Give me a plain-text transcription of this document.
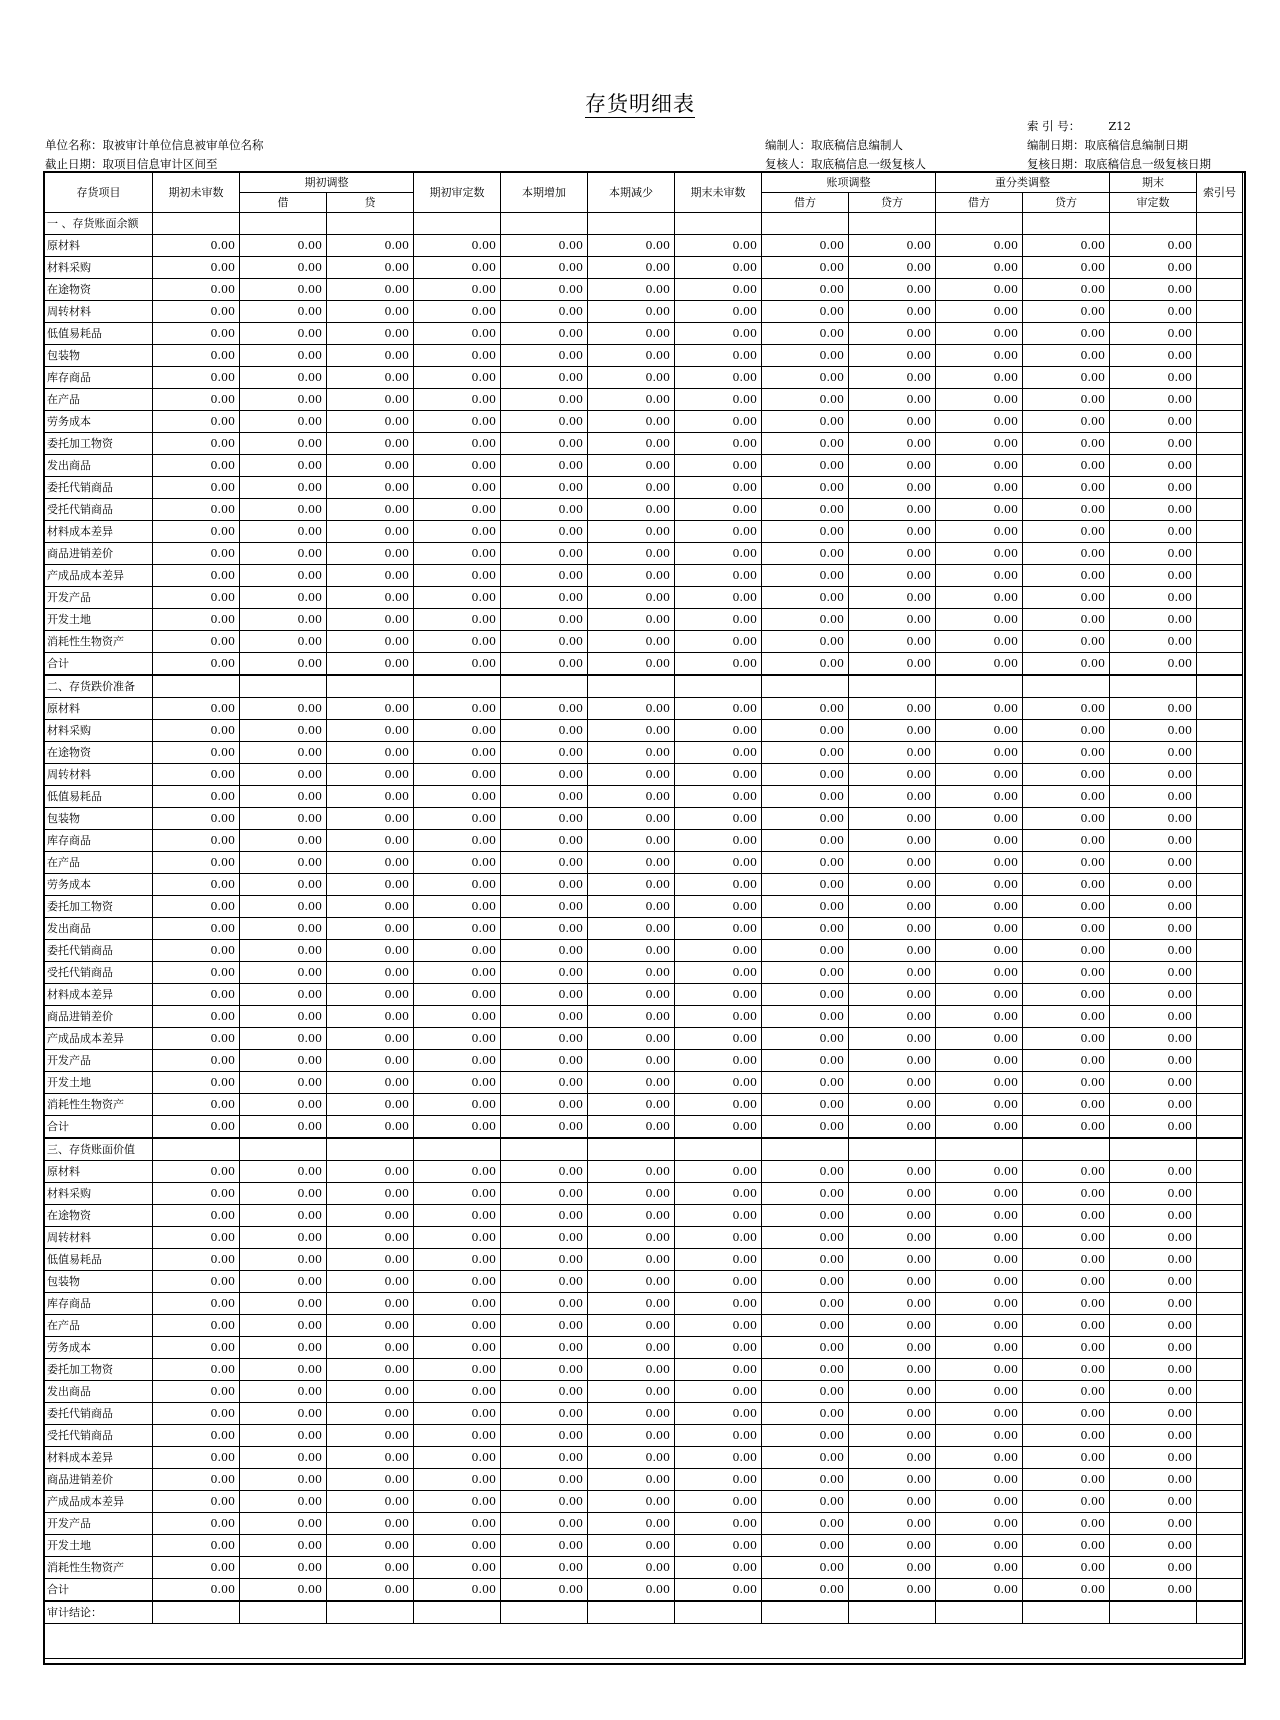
存货明细表
索 引 号： Z12
单位名称：取被审计单位信息被审单位名称	编制人：取底稿信息编制人	编制日期：取底稿信息编制日期
截止日期：取项目信息审计区间至	复核人：取底稿信息一级复核人	复核日期：取底稿信息一级复核日期
存货项目	期初未审数	期初调整		期初审定数	本期增加	本期减少	期末未审数	账项调整		重分类调整		期末	索引号
		借	贷					借方	贷方	借方	贷方	审定数	
一 、存货账面余额													
原材料	0.00	0.00	0.00	0.00	0.00	0.00	0.00	0.00	0.00	0.00	0.00	0.00	
材料采购	0.00	0.00	0.00	0.00	0.00	0.00	0.00	0.00	0.00	0.00	0.00	0.00	
在途物资	0.00	0.00	0.00	0.00	0.00	0.00	0.00	0.00	0.00	0.00	0.00	0.00	
周转材料	0.00	0.00	0.00	0.00	0.00	0.00	0.00	0.00	0.00	0.00	0.00	0.00	
低值易耗品	0.00	0.00	0.00	0.00	0.00	0.00	0.00	0.00	0.00	0.00	0.00	0.00	
包装物	0.00	0.00	0.00	0.00	0.00	0.00	0.00	0.00	0.00	0.00	0.00	0.00	
库存商品	0.00	0.00	0.00	0.00	0.00	0.00	0.00	0.00	0.00	0.00	0.00	0.00	
在产品	0.00	0.00	0.00	0.00	0.00	0.00	0.00	0.00	0.00	0.00	0.00	0.00	
劳务成本	0.00	0.00	0.00	0.00	0.00	0.00	0.00	0.00	0.00	0.00	0.00	0.00	
委托加工物资	0.00	0.00	0.00	0.00	0.00	0.00	0.00	0.00	0.00	0.00	0.00	0.00	
发出商品	0.00	0.00	0.00	0.00	0.00	0.00	0.00	0.00	0.00	0.00	0.00	0.00	
委托代销商品	0.00	0.00	0.00	0.00	0.00	0.00	0.00	0.00	0.00	0.00	0.00	0.00	
受托代销商品	0.00	0.00	0.00	0.00	0.00	0.00	0.00	0.00	0.00	0.00	0.00	0.00	
材料成本差异	0.00	0.00	0.00	0.00	0.00	0.00	0.00	0.00	0.00	0.00	0.00	0.00	
商品进销差价	0.00	0.00	0.00	0.00	0.00	0.00	0.00	0.00	0.00	0.00	0.00	0.00	
产成品成本差异	0.00	0.00	0.00	0.00	0.00	0.00	0.00	0.00	0.00	0.00	0.00	0.00	
开发产品	0.00	0.00	0.00	0.00	0.00	0.00	0.00	0.00	0.00	0.00	0.00	0.00	
开发土地	0.00	0.00	0.00	0.00	0.00	0.00	0.00	0.00	0.00	0.00	0.00	0.00	
消耗性生物资产	0.00	0.00	0.00	0.00	0.00	0.00	0.00	0.00	0.00	0.00	0.00	0.00	
合计	0.00	0.00	0.00	0.00	0.00	0.00	0.00	0.00	0.00	0.00	0.00	0.00	
二、存货跌价准备													
原材料	0.00	0.00	0.00	0.00	0.00	0.00	0.00	0.00	0.00	0.00	0.00	0.00	
材料采购	0.00	0.00	0.00	0.00	0.00	0.00	0.00	0.00	0.00	0.00	0.00	0.00	
在途物资	0.00	0.00	0.00	0.00	0.00	0.00	0.00	0.00	0.00	0.00	0.00	0.00	
周转材料	0.00	0.00	0.00	0.00	0.00	0.00	0.00	0.00	0.00	0.00	0.00	0.00	
低值易耗品	0.00	0.00	0.00	0.00	0.00	0.00	0.00	0.00	0.00	0.00	0.00	0.00	
包装物	0.00	0.00	0.00	0.00	0.00	0.00	0.00	0.00	0.00	0.00	0.00	0.00	
库存商品	0.00	0.00	0.00	0.00	0.00	0.00	0.00	0.00	0.00	0.00	0.00	0.00	
在产品	0.00	0.00	0.00	0.00	0.00	0.00	0.00	0.00	0.00	0.00	0.00	0.00	
劳务成本	0.00	0.00	0.00	0.00	0.00	0.00	0.00	0.00	0.00	0.00	0.00	0.00	
委托加工物资	0.00	0.00	0.00	0.00	0.00	0.00	0.00	0.00	0.00	0.00	0.00	0.00	
发出商品	0.00	0.00	0.00	0.00	0.00	0.00	0.00	0.00	0.00	0.00	0.00	0.00	
委托代销商品	0.00	0.00	0.00	0.00	0.00	0.00	0.00	0.00	0.00	0.00	0.00	0.00	
受托代销商品	0.00	0.00	0.00	0.00	0.00	0.00	0.00	0.00	0.00	0.00	0.00	0.00	
材料成本差异	0.00	0.00	0.00	0.00	0.00	0.00	0.00	0.00	0.00	0.00	0.00	0.00	
商品进销差价	0.00	0.00	0.00	0.00	0.00	0.00	0.00	0.00	0.00	0.00	0.00	0.00	
产成品成本差异	0.00	0.00	0.00	0.00	0.00	0.00	0.00	0.00	0.00	0.00	0.00	0.00	
开发产品	0.00	0.00	0.00	0.00	0.00	0.00	0.00	0.00	0.00	0.00	0.00	0.00	
开发土地	0.00	0.00	0.00	0.00	0.00	0.00	0.00	0.00	0.00	0.00	0.00	0.00	
消耗性生物资产	0.00	0.00	0.00	0.00	0.00	0.00	0.00	0.00	0.00	0.00	0.00	0.00	
合计	0.00	0.00	0.00	0.00	0.00	0.00	0.00	0.00	0.00	0.00	0.00	0.00	
三、存货账面价值													
原材料	0.00	0.00	0.00	0.00	0.00	0.00	0.00	0.00	0.00	0.00	0.00	0.00	
材料采购	0.00	0.00	0.00	0.00	0.00	0.00	0.00	0.00	0.00	0.00	0.00	0.00	
在途物资	0.00	0.00	0.00	0.00	0.00	0.00	0.00	0.00	0.00	0.00	0.00	0.00	
周转材料	0.00	0.00	0.00	0.00	0.00	0.00	0.00	0.00	0.00	0.00	0.00	0.00	
低值易耗品	0.00	0.00	0.00	0.00	0.00	0.00	0.00	0.00	0.00	0.00	0.00	0.00	
包装物	0.00	0.00	0.00	0.00	0.00	0.00	0.00	0.00	0.00	0.00	0.00	0.00	
库存商品	0.00	0.00	0.00	0.00	0.00	0.00	0.00	0.00	0.00	0.00	0.00	0.00	
在产品	0.00	0.00	0.00	0.00	0.00	0.00	0.00	0.00	0.00	0.00	0.00	0.00	
劳务成本	0.00	0.00	0.00	0.00	0.00	0.00	0.00	0.00	0.00	0.00	0.00	0.00	
委托加工物资	0.00	0.00	0.00	0.00	0.00	0.00	0.00	0.00	0.00	0.00	0.00	0.00	
发出商品	0.00	0.00	0.00	0.00	0.00	0.00	0.00	0.00	0.00	0.00	0.00	0.00	
委托代销商品	0.00	0.00	0.00	0.00	0.00	0.00	0.00	0.00	0.00	0.00	0.00	0.00	
受托代销商品	0.00	0.00	0.00	0.00	0.00	0.00	0.00	0.00	0.00	0.00	0.00	0.00	
材料成本差异	0.00	0.00	0.00	0.00	0.00	0.00	0.00	0.00	0.00	0.00	0.00	0.00	
商品进销差价	0.00	0.00	0.00	0.00	0.00	0.00	0.00	0.00	0.00	0.00	0.00	0.00	
产成品成本差异	0.00	0.00	0.00	0.00	0.00	0.00	0.00	0.00	0.00	0.00	0.00	0.00	
开发产品	0.00	0.00	0.00	0.00	0.00	0.00	0.00	0.00	0.00	0.00	0.00	0.00	
开发土地	0.00	0.00	0.00	0.00	0.00	0.00	0.00	0.00	0.00	0.00	0.00	0.00	
消耗性生物资产	0.00	0.00	0.00	0.00	0.00	0.00	0.00	0.00	0.00	0.00	0.00	0.00	
合计	0.00	0.00	0.00	0.00	0.00	0.00	0.00	0.00	0.00	0.00	0.00	0.00	
审计结论：													
